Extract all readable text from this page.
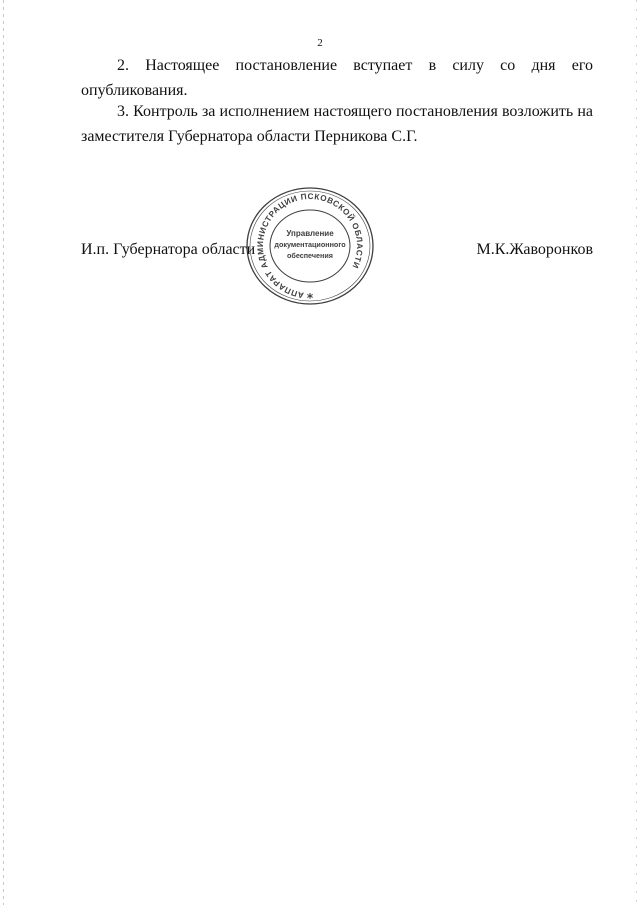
2

2. Настоящее постановление вступает в силу со дня его опубликования.

3. Контроль за исполнением настоящего постановления возложить на заместителя Губернатора области Перникова С.Г.

И.п. Губернатора области	М.К.Жаворонков
АППАРАТ АДМИНИСТРАЦИИ ПСКОВСКОЙ ОБЛАСТИ
Управление
документационного
обеспечения
*
